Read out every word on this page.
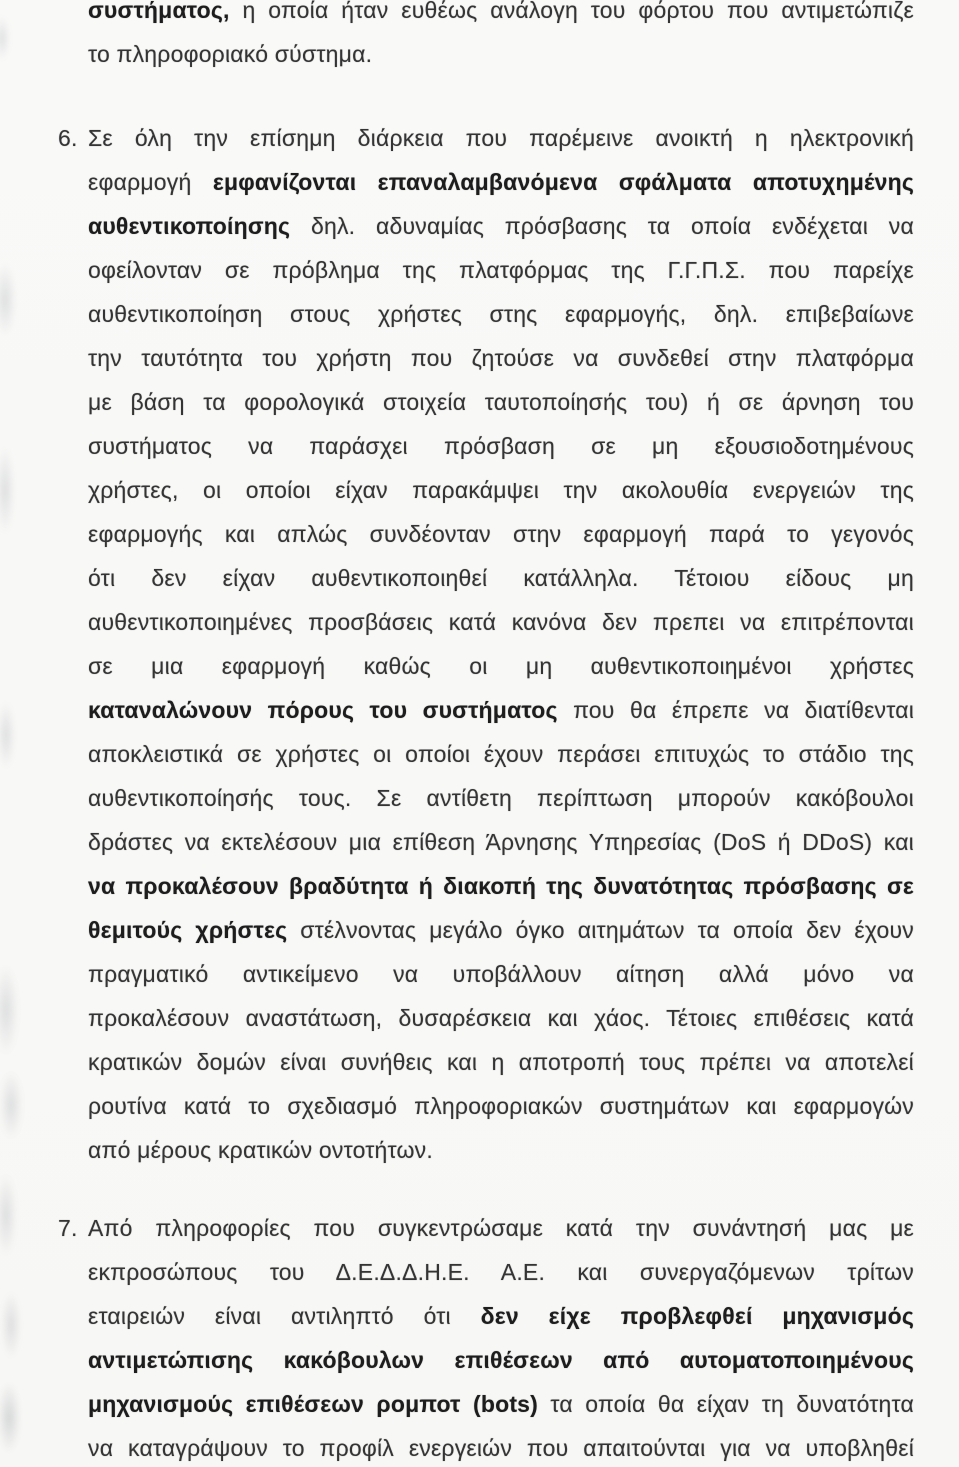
συστήματος, η οποία ήταν ευθέως ανάλογη του φόρτου που αντιμετώπιζε
το πληροφοριακό σύστημα.
6. Σε όλη την επίσημη διάρκεια που παρέμεινε ανοικτή η ηλεκτρονική
εφαρμογή εμφανίζονται επαναλαμβανόμενα σφάλματα αποτυχημένης
αυθεντικοποίησης δηλ. αδυναμίας πρόσβασης τα οποία ενδέχεται να
οφείλονταν σε πρόβλημα της πλατφόρμας της Γ.Γ.Π.Σ. που παρείχε
αυθεντικοποίηση στους χρήστες στης εφαρμογής, δηλ. επιβεβαίωνε
την ταυτότητα του χρήστη που ζητούσε να συνδεθεί στην πλατφόρμα
με βάση τα φορολογικά στοιχεία ταυτοποίησής του) ή σε άρνηση του
συστήματος να παράσχει πρόσβαση σε μη εξουσιοδοτημένους
χρήστες, οι οποίοι είχαν παρακάμψει την ακολουθία ενεργειών της
εφαρμογής και απλώς συνδέονταν στην εφαρμογή παρά το γεγονός
ότι δεν είχαν αυθεντικοποιηθεί κατάλληλα. Τέτοιου είδους μη
αυθεντικοποιημένες προσβάσεις κατά κανόνα δεν πρεπει να επιτρέπονται
σε μια εφαρμογή καθώς οι μη αυθεντικοποιημένοι χρήστες
καταναλώνουν πόρους του συστήματος που θα έπρεπε να διατίθενται
αποκλειστικά σε χρήστες οι οποίοι έχουν περάσει επιτυχώς το στάδιο της
αυθεντικοποίησής τους. Σε αντίθετη περίπτωση μπορούν κακόβουλοι
δράστες να εκτελέσουν μια επίθεση Άρνησης Υπηρεσίας (DoS ή DDoS) και
να προκαλέσουν βραδύτητα ή διακοπή της δυνατότητας πρόσβασης σε
θεμιτούς χρήστες στέλνοντας μεγάλο όγκο αιτημάτων τα οποία δεν έχουν
πραγματικό αντικείμενο να υποβάλλουν αίτηση αλλά μόνο να
προκαλέσουν αναστάτωση, δυσαρέσκεια και χάος. Τέτοιες επιθέσεις κατά
κρατικών δομών είναι συνήθεις και η αποτροπή τους πρέπει να αποτελεί
ρουτίνα κατά το σχεδιασμό πληροφοριακών συστημάτων και εφαρμογών
από μέρους κρατικών οντοτήτων.
7. Από πληροφορίες που συγκεντρώσαμε κατά την συνάντησή μας με
εκπροσώπους του Δ.Ε.Δ.Δ.Η.Ε. Α.Ε. και συνεργαζόμενων τρίτων
εταιρειών είναι αντιληπτό ότι δεν είχε προβλεφθεί μηχανισμός
αντιμετώπισης κακόβουλων επιθέσεων από αυτοματοποιημένους
μηχανισμούς επιθέσεων ρομποτ (bots) τα οποία θα είχαν τη δυνατότητα
να καταγράψουν το προφίλ ενεργειών που απαιτούνται για να υποβληθεί
